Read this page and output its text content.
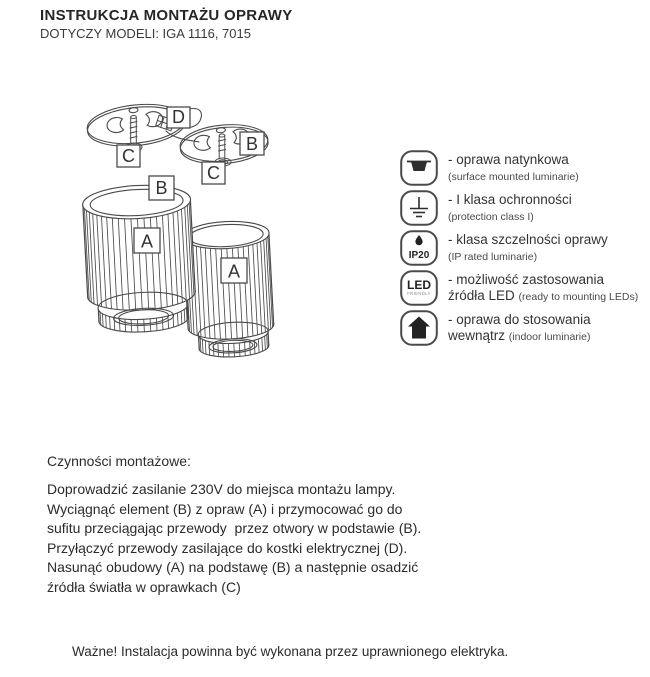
INSTRUKCJA MONTAŻU OPRAWY
DOTYCZY MODELI: IGA 1116, 7015
D
C
B
C
B
A
A
- oprawa natynkowa
(surface mounted luminarie)
- I klasa ochronności
(protection class I)
IP20
- klasa szczelności oprawy
(IP rated luminarie)
LED
FRIENDLY
- możliwość zastosowania
źródła LED (ready to mounting LEDs)
- oprawa do stosowania
wewnątrz (indoor luminarie)
Czynności montażowe:
Doprowadzić zasilanie 230V do miejsca montażu lampy.
Wyciągnąć element (B) z opraw (A) i przymocować go do
sufitu przeciągając przewody  przez otwory w podstawie (B).
Przyłączyć przewody zasilające do kostki elektrycznej (D).
Nasunąć obudowy (A) na podstawę (B) a następnie osadzić
źródła światła w oprawkach (C)
Ważne! Instalacja powinna być wykonana przez uprawnionego elektryka.
